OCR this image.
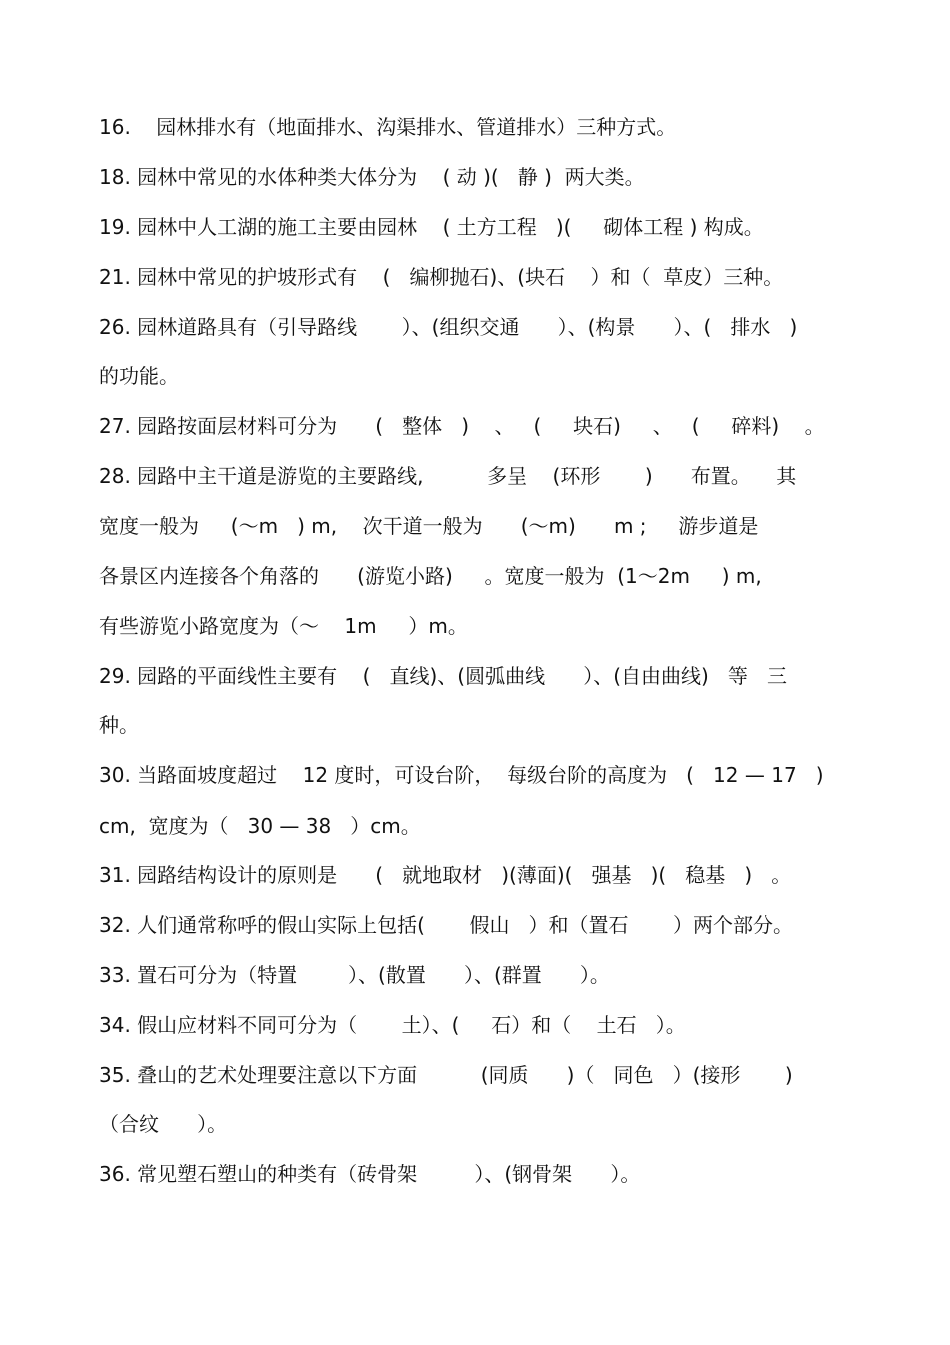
16.    园林排水有（地面排水、沟渠排水、管道排水）三种方式。
18. 园林中常见的水体种类大体分为    ( 动 )(   静 )  两大类。
19. 园林中人工湖的施工主要由园林    ( 土方工程   )(     砌体工程 ) 构成。
21. 园林中常见的护坡形式有    (   编柳抛石)、(块石    ）和（  草皮）三种。
26. 园林道路具有（引导路线       ）、(组织交通      ）、(构景      ）、(   排水   )
的功能。
27. 园路按面层材料可分为      (   整体   )    、   (     块石)     、   (     碎料)    。
28. 园路中主干道是游览的主要路线,          多呈    (环形       )      布置。    其
宽度一般为     (～m   ) m,    次干道一般为      (～m)      m ;     游步道是
各景区内连接各个角落的      (游览小路)     。宽度一般为  (1～2m     ) m,
有些游览小路宽度为（～    1m     ）m。
29. 园路的平面线性主要有    (   直线)、(圆弧曲线      ）、(自由曲线)   等   三
种。
30. 当路面坡度超过    12 度时，可设台阶，  每级台阶的高度为   (   12 — 17   )
cm,  宽度为（   30 — 38   ）cm。
31. 园路结构设计的原则是      (   就地取材   )(薄面)(   强基   )(   稳基   )   。
32. 人们通常称呼的假山实际上包括(       假山   ）和（置石       ）两个部分。
33. 置石可分为（特置        ）、(散置      ）、(群置      ）。
34. 假山应材料不同可分为（       土）、(     石）和（    土石   ）。
35. 叠山的艺术处理要注意以下方面          (同质      )（   同色   ）(接形       )
（合纹      ）。
36. 常见塑石塑山的种类有（砖骨架         ）、(钢骨架      ）。
